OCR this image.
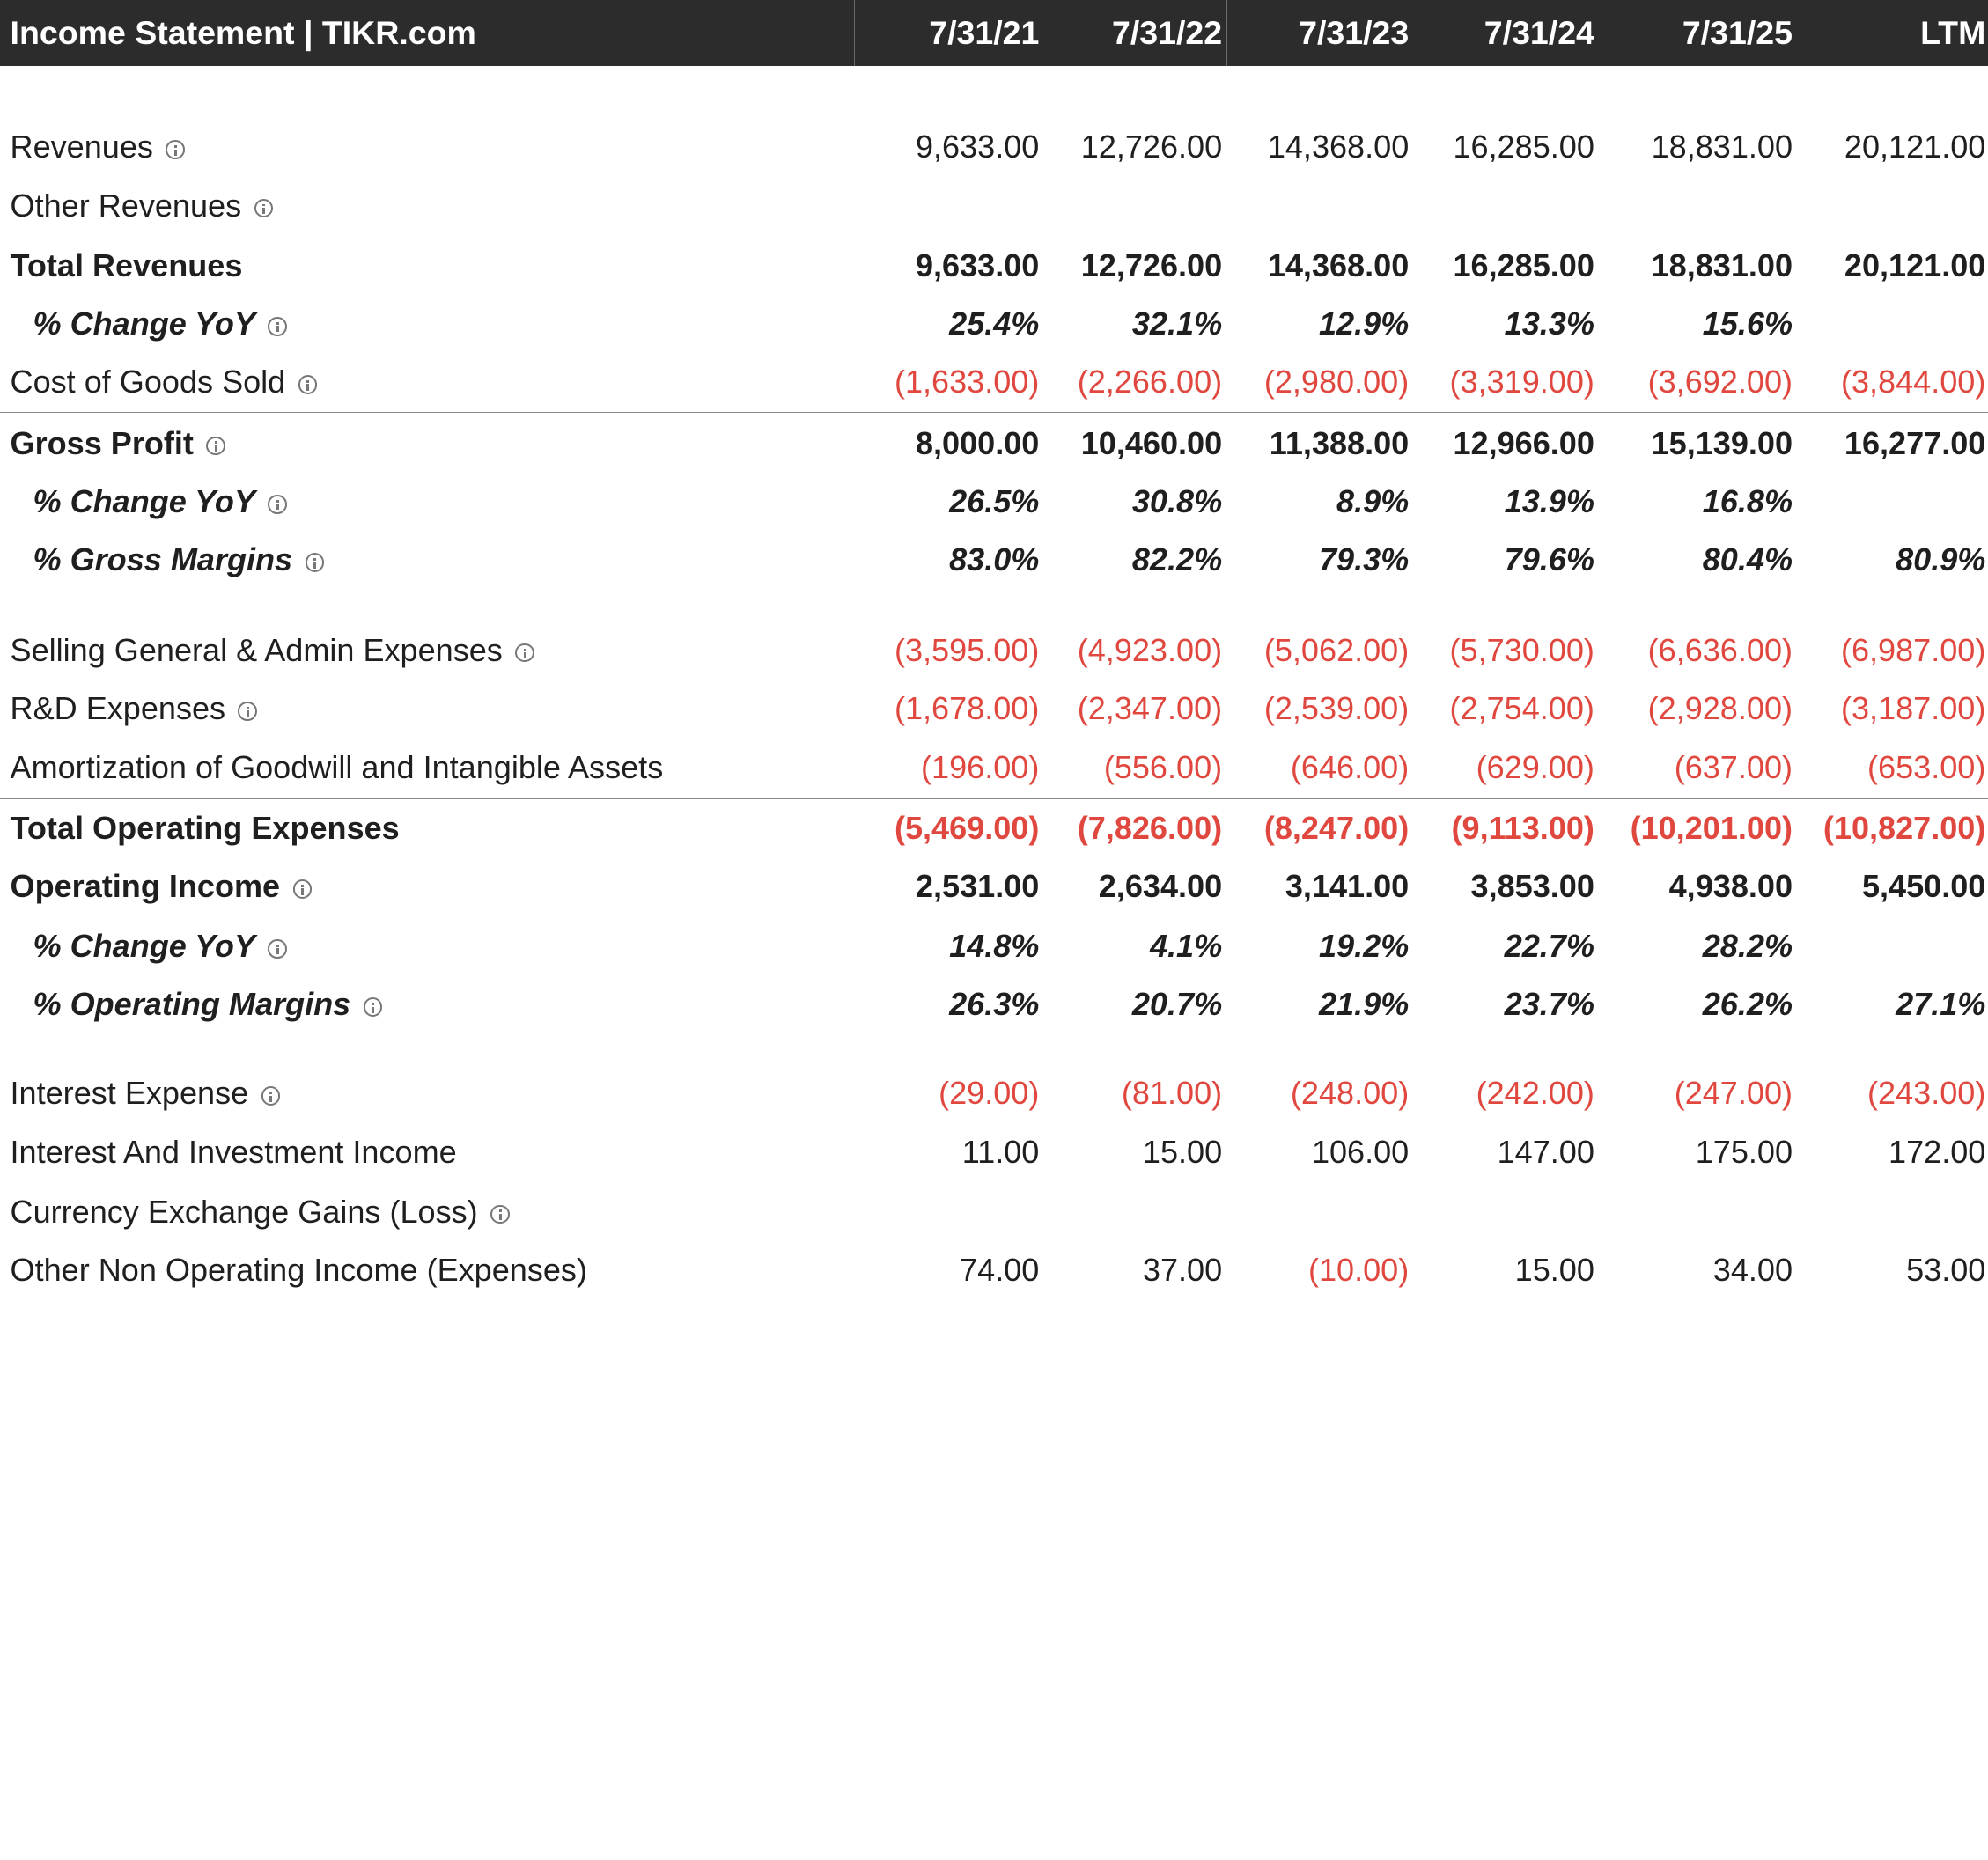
Income Statement | TIKR.com	7/31/21	7/31/22	7/31/23	7/31/24	7/31/25	LTM
Revenues	9,633.00	12,726.00	14,368.00	16,285.00	18,831.00	20,121.00
Other Revenues
Total Revenues	9,633.00	12,726.00	14,368.00	16,285.00	18,831.00	20,121.00
% Change YoY	25.4%	32.1%	12.9%	13.3%	15.6%
Cost of Goods Sold	(1,633.00)	(2,266.00)	(2,980.00)	(3,319.00)	(3,692.00)	(3,844.00)
Gross Profit	8,000.00	10,460.00	11,388.00	12,966.00	15,139.00	16,277.00
% Change YoY	26.5%	30.8%	8.9%	13.9%	16.8%
% Gross Margins	83.0%	82.2%	79.3%	79.6%	80.4%	80.9%
Selling General & Admin Expenses	(3,595.00)	(4,923.00)	(5,062.00)	(5,730.00)	(6,636.00)	(6,987.00)
R&D Expenses	(1,678.00)	(2,347.00)	(2,539.00)	(2,754.00)	(2,928.00)	(3,187.00)
Amortization of Goodwill and Intangible Assets	(196.00)	(556.00)	(646.00)	(629.00)	(637.00)	(653.00)
Total Operating Expenses	(5,469.00)	(7,826.00)	(8,247.00)	(9,113.00)	(10,201.00)	(10,827.00)
Operating Income	2,531.00	2,634.00	3,141.00	3,853.00	4,938.00	5,450.00
% Change YoY	14.8%	4.1%	19.2%	22.7%	28.2%
% Operating Margins	26.3%	20.7%	21.9%	23.7%	26.2%	27.1%
Interest Expense	(29.00)	(81.00)	(248.00)	(242.00)	(247.00)	(243.00)
Interest And Investment Income	11.00	15.00	106.00	147.00	175.00	172.00
Currency Exchange Gains (Loss)
Other Non Operating Income (Expenses)	74.00	37.00	(10.00)	15.00	34.00	53.00
